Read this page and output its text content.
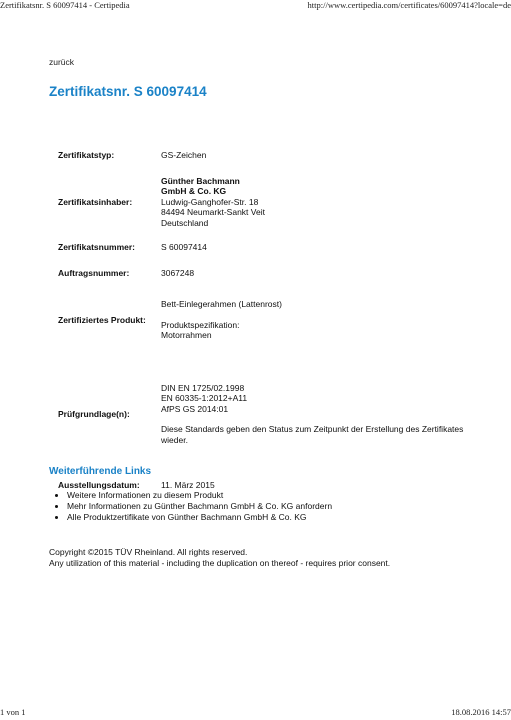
Zertifikatsnr. S 60097414 - Certipedia	http://www.certipedia.com/certificates/60097414?locale=de
zurück
Zertifikatsnr. S 60097414
Zertifikatstyp:	GS-Zeichen
Zertifikatsinhaber:	Günther Bachmann
GmbH & Co. KG
Ludwig-Ganghofer-Str. 18
84494 Neumarkt-Sankt Veit
Deutschland
Zertifikatsnummer:	S 60097414
Auftragsnummer:	3067248
Zertifiziertes Produkt:	Bett-Einlegerahmen (Lattenrost)
Produktspezifikation:
Motorrahmen
Prüfgrundlage(n):	DIN EN 1725/02.1998
EN 60335-1:2012+A11
AfPS GS 2014:01
Diese Standards geben den Status zum Zeitpunkt der Erstellung des Zertifikates wieder.
Ausstellungsdatum:	11. März 2015
Weiterführende Links
• Weitere Informationen zu diesem Produkt
• Mehr Informationen zu Günther Bachmann GmbH & Co. KG anfordern
• Alle Produktzertifikate von Günther Bachmann GmbH & Co. KG
Copyright ©2015 TÜV Rheinland. All rights reserved.
Any utilization of this material - including the duplication on thereof - requires prior consent.
1 von 1	18.08.2016 14:57
